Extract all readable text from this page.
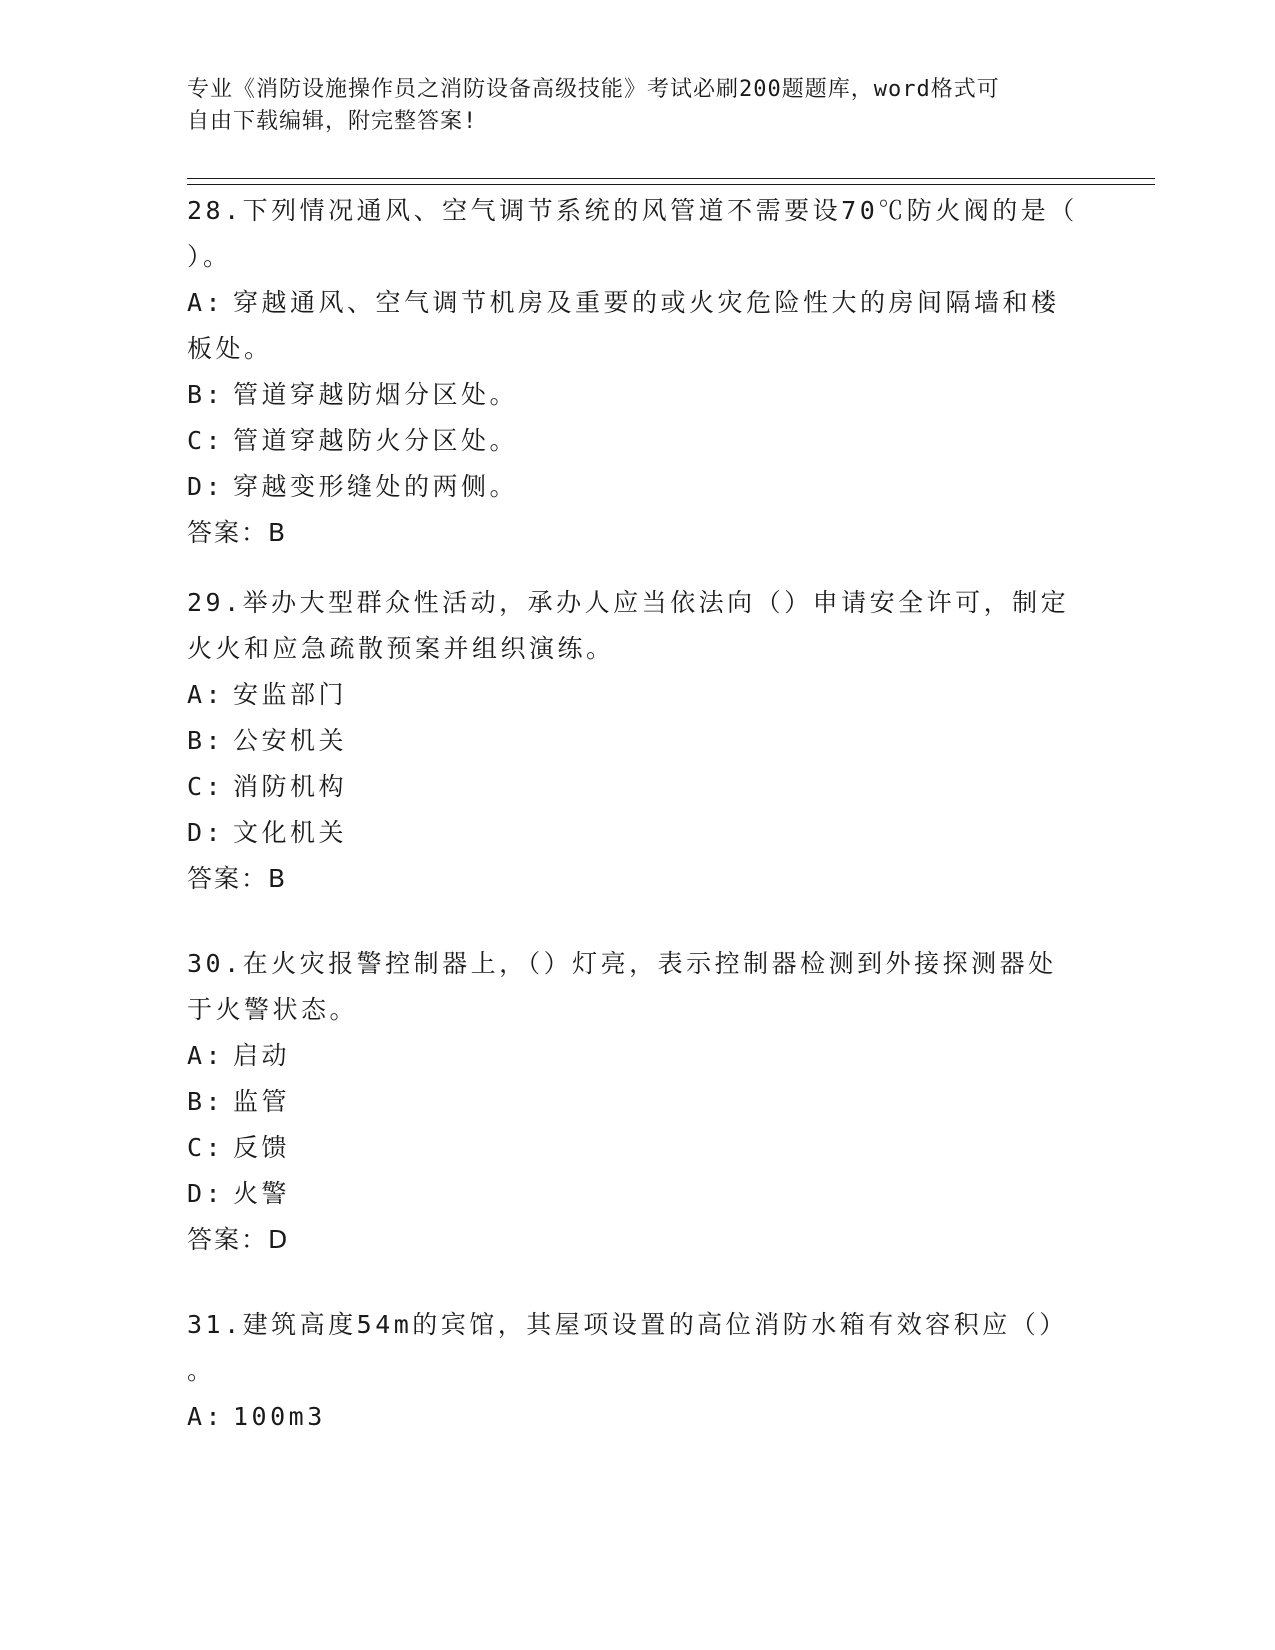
专业《消防设施操作员之消防设备高级技能》考试必刷200题题库，word格式可
自由下载编辑，附完整答案!
28.下列情况通风、空气调节系统的风管道不需要设70℃防火阀的是（
）。
A: 穿越通风、空气调节机房及重要的或火灾危险性大的房间隔墙和楼
板处。
B: 管道穿越防烟分区处。
C: 管道穿越防火分区处。
D: 穿越变形缝处的两侧。
答案：B
29.举办大型群众性活动，承办人应当依法向（）申请安全许可，制定
火火和应急疏散预案并组织演练。
A: 安监部门
B: 公安机关
C: 消防机构
D: 文化机关
答案：B
30.在火灾报警控制器上，（）灯亮，表示控制器检测到外接探测器处
于火警状态。
A: 启动
B: 监管
C: 反馈
D: 火警
答案：D
31.建筑高度54m的宾馆，其屋项设置的高位消防水箱有效容积应（）
。
A: 100m3
